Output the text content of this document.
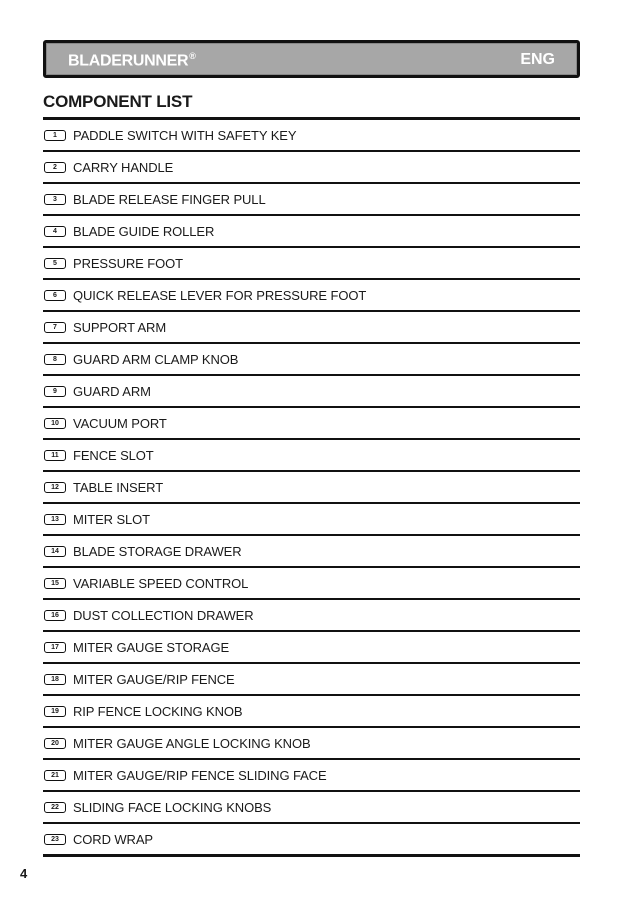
BLADERUNNER®	ENG
COMPONENT LIST
1	PADDLE SWITCH WITH SAFETY KEY
2	CARRY HANDLE
3	BLADE RELEASE FINGER PULL
4	BLADE GUIDE ROLLER
5	PRESSURE FOOT
6	QUICK RELEASE LEVER FOR PRESSURE FOOT
7	SUPPORT ARM
8	GUARD ARM CLAMP KNOB
9	GUARD ARM
10	VACUUM PORT
11	FENCE SLOT
12	TABLE INSERT
13	MITER SLOT
14	BLADE STORAGE DRAWER
15	VARIABLE SPEED CONTROL
16	DUST COLLECTION DRAWER
17	MITER GAUGE STORAGE
18	MITER GAUGE/RIP FENCE
19	RIP FENCE LOCKING KNOB
20	MITER GAUGE ANGLE LOCKING KNOB
21	MITER GAUGE/RIP FENCE SLIDING FACE
22	SLIDING FACE LOCKING KNOBS
23	CORD WRAP
4
